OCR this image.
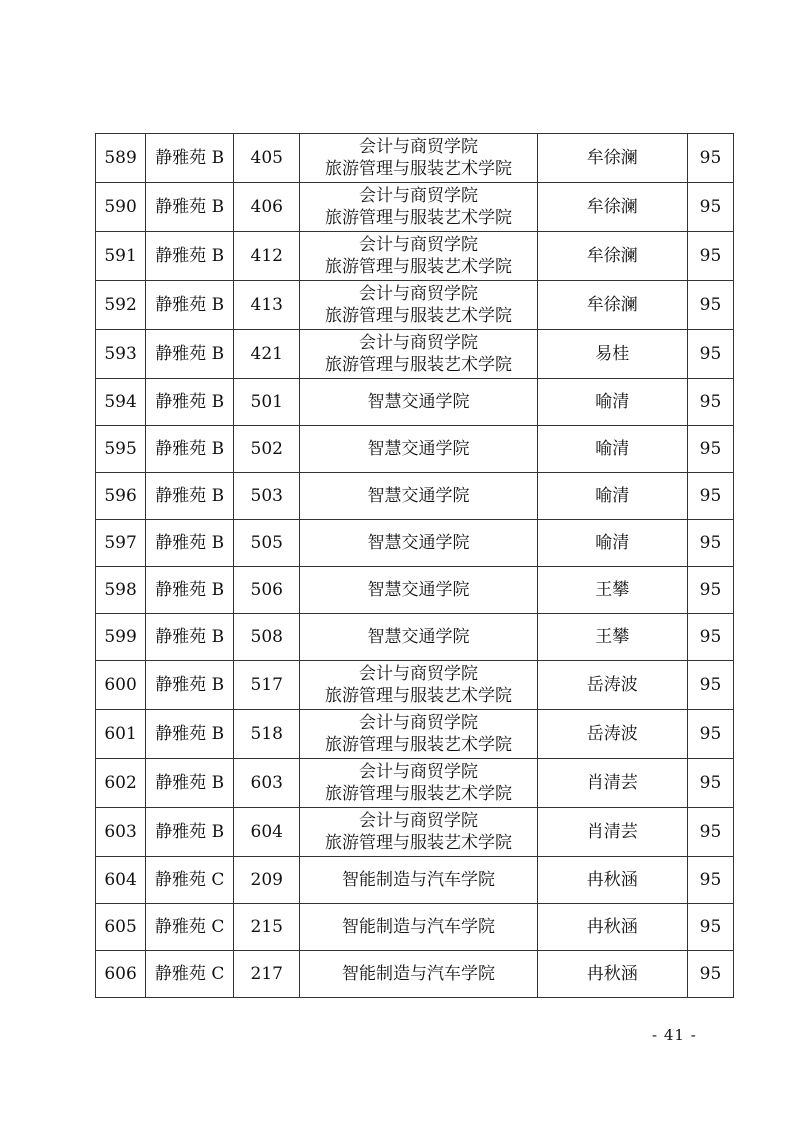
589	静雅苑 B	405	会计与商贸学院
旅游管理与服装艺术学院	牟徐澜	95
590	静雅苑 B	406	会计与商贸学院
旅游管理与服装艺术学院	牟徐澜	95
591	静雅苑 B	412	会计与商贸学院
旅游管理与服装艺术学院	牟徐澜	95
592	静雅苑 B	413	会计与商贸学院
旅游管理与服装艺术学院	牟徐澜	95
593	静雅苑 B	421	会计与商贸学院
旅游管理与服装艺术学院	易桂	95
594	静雅苑 B	501	智慧交通学院	喻清	95
595	静雅苑 B	502	智慧交通学院	喻清	95
596	静雅苑 B	503	智慧交通学院	喻清	95
597	静雅苑 B	505	智慧交通学院	喻清	95
598	静雅苑 B	506	智慧交通学院	王攀	95
599	静雅苑 B	508	智慧交通学院	王攀	95
600	静雅苑 B	517	会计与商贸学院
旅游管理与服装艺术学院	岳涛波	95
601	静雅苑 B	518	会计与商贸学院
旅游管理与服装艺术学院	岳涛波	95
602	静雅苑 B	603	会计与商贸学院
旅游管理与服装艺术学院	肖清芸	95
603	静雅苑 B	604	会计与商贸学院
旅游管理与服装艺术学院	肖清芸	95
604	静雅苑 C	209	智能制造与汽车学院	冉秋涵	95
605	静雅苑 C	215	智能制造与汽车学院	冉秋涵	95
606	静雅苑 C	217	智能制造与汽车学院	冉秋涵	95
- 41 -
